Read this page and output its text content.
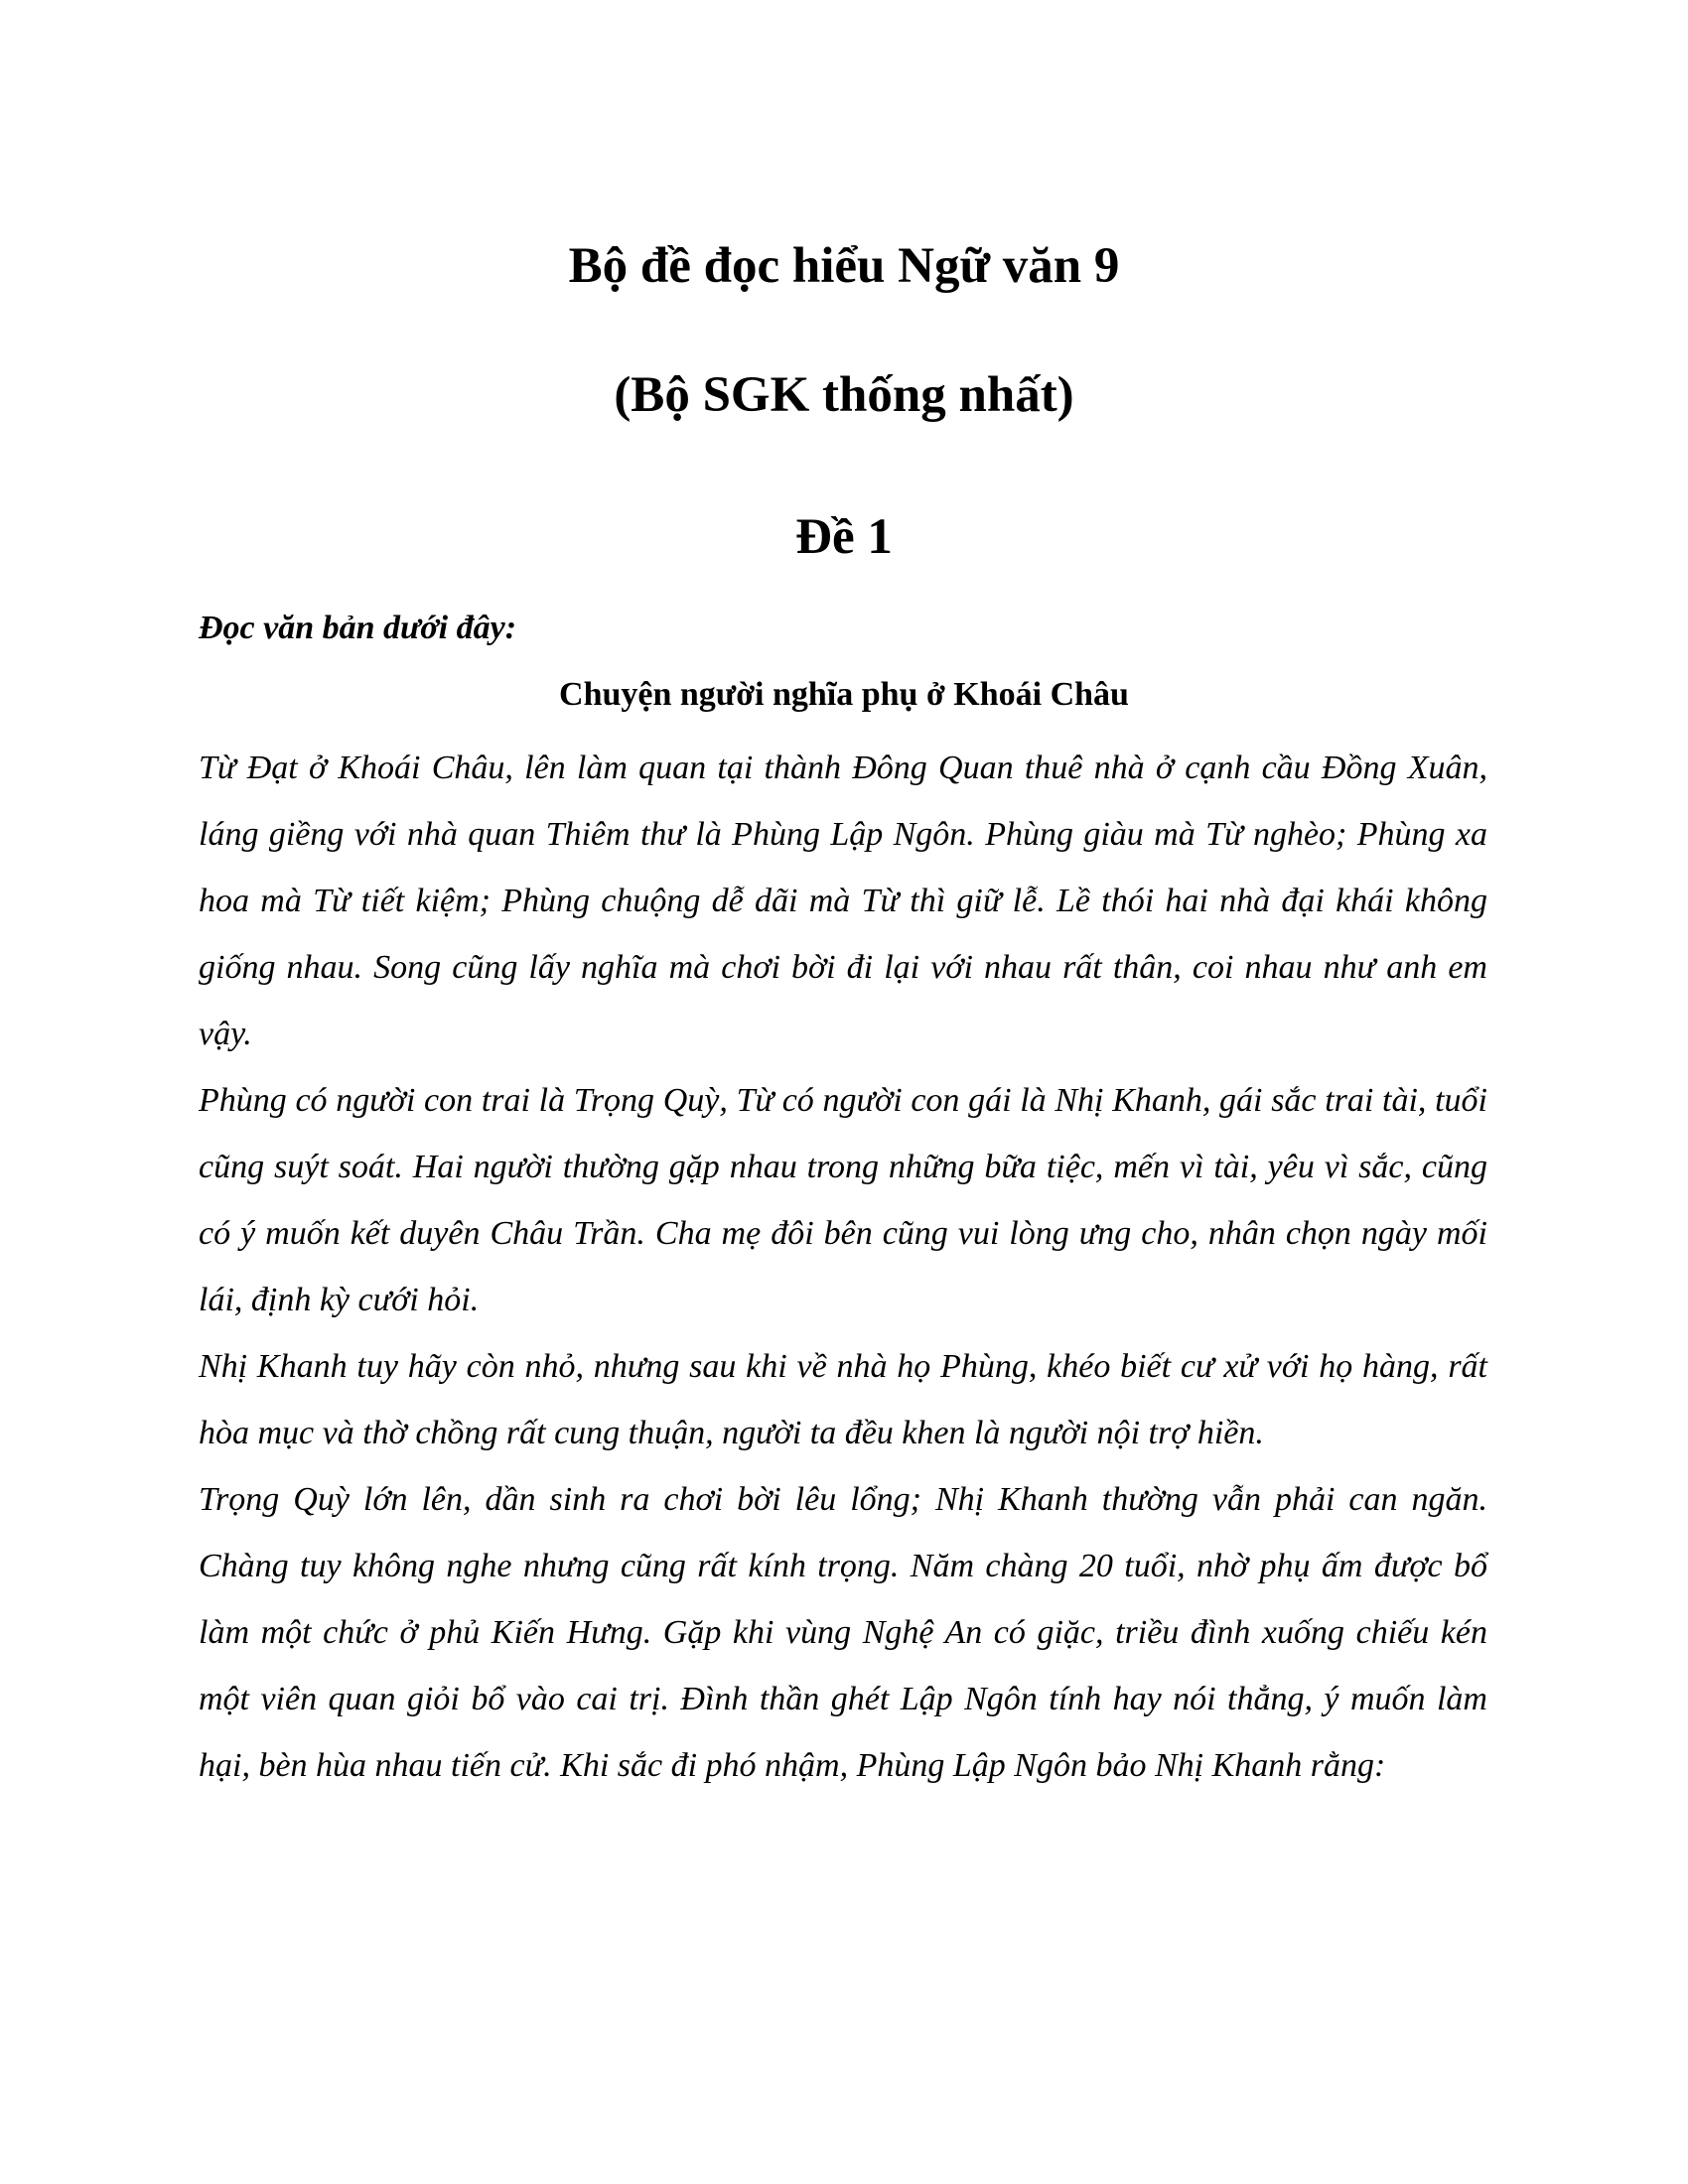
Bộ đề đọc hiểu Ngữ văn 9
(Bộ SGK thống nhất)
Đề 1

Đọc văn bản dưới đây:

Chuyện người nghĩa phụ ở Khoái Châu

Từ Đạt ở Khoái Châu, lên làm quan tại thành Đông Quan thuê nhà ở cạnh cầu Đồng Xuân, láng giềng với nhà quan Thiêm thư là Phùng Lập Ngôn. Phùng giàu mà Từ nghèo; Phùng xa hoa mà Từ tiết kiệm; Phùng chuộng dễ dãi mà Từ thì giữ lễ. Lề thói hai nhà đại khái không giống nhau. Song cũng lấy nghĩa mà chơi bời đi lại với nhau rất thân, coi nhau như anh em vậy.

Phùng có người con trai là Trọng Quỳ, Từ có người con gái là Nhị Khanh, gái sắc trai tài, tuổi cũng suýt soát. Hai người thường gặp nhau trong những bữa tiệc, mến vì tài, yêu vì sắc, cũng có ý muốn kết duyên Châu Trần. Cha mẹ đôi bên cũng vui lòng ưng cho, nhân chọn ngày mối lái, định kỳ cưới hỏi.

Nhị Khanh tuy hãy còn nhỏ, nhưng sau khi về nhà họ Phùng, khéo biết cư xử với họ hàng, rất hòa mục và thờ chồng rất cung thuận, người ta đều khen là người nội trợ hiền.

Trọng Quỳ lớn lên, dần sinh ra chơi bời lêu lổng; Nhị Khanh thường vẫn phải can ngăn. Chàng tuy không nghe nhưng cũng rất kính trọng. Năm chàng 20 tuổi, nhờ phụ ấm được bổ làm một chức ở phủ Kiến Hưng. Gặp khi vùng Nghệ An có giặc, triều đình xuống chiếu kén một viên quan giỏi bổ vào cai trị. Đình thần ghét Lập Ngôn tính hay nói thẳng, ý muốn làm hại, bèn hùa nhau tiến cử. Khi sắc đi phó nhậm, Phùng Lập Ngôn bảo Nhị Khanh rằng:
